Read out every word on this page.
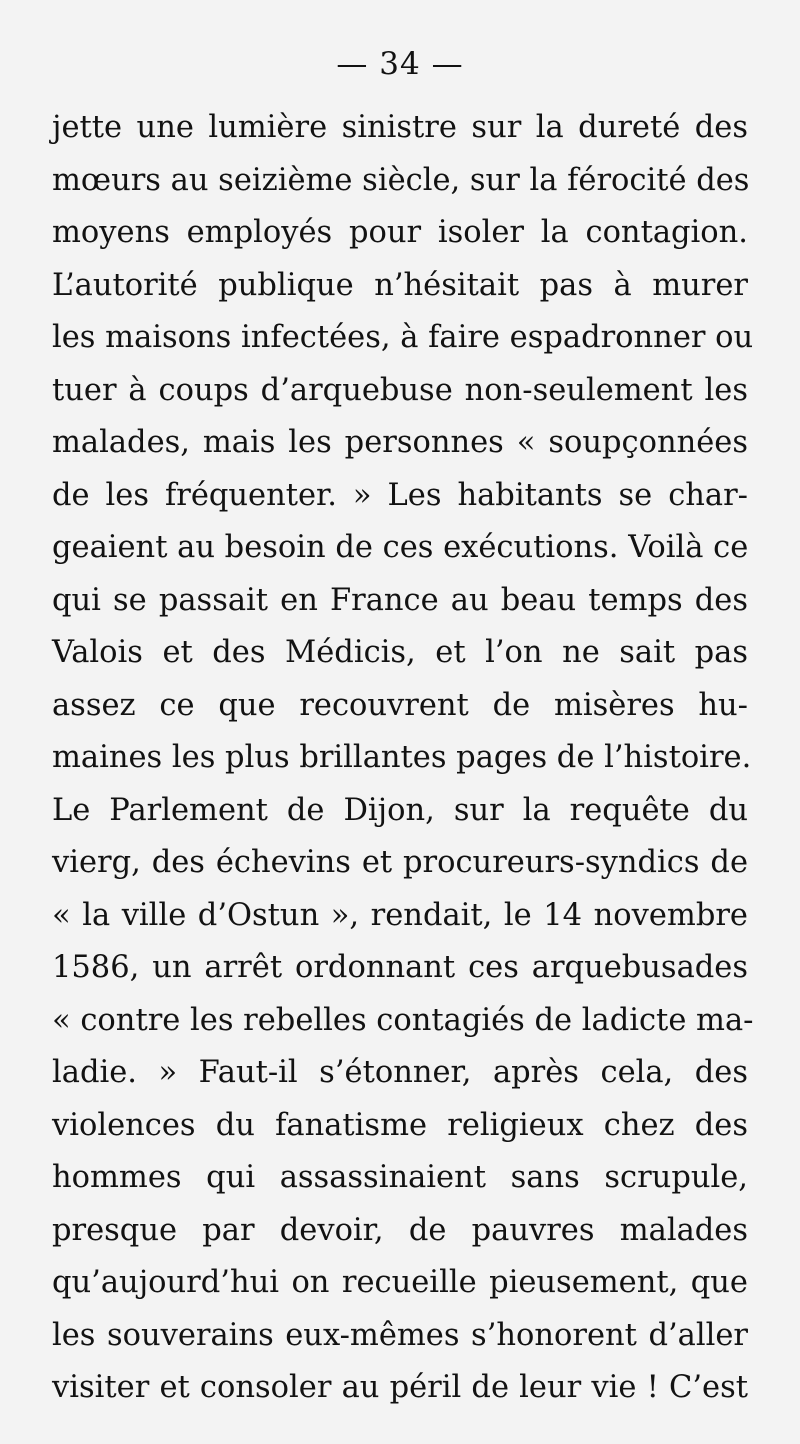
— 34 —
jette une lumière sinistre sur la dureté des
mœurs au seizième siècle, sur la férocité des
moyens employés pour isoler la contagion.
L’autorité publique n’hésitait pas à murer
les maisons infectées, à faire espadronner ou
tuer à coups d’arquebuse non-seulement les
malades, mais les personnes « soupçonnées
de les fréquenter. » Les habitants se char-
geaient au besoin de ces exécutions. Voilà ce
qui se passait en France au beau temps des
Valois et des Médicis, et l’on ne sait pas
assez ce que recouvrent de misères hu-
maines les plus brillantes pages de l’histoire.
Le Parlement de Dijon, sur la requête du
vierg, des échevins et procureurs-syndics de
« la ville d’Ostun », rendait, le 14 novembre
1586, un arrêt ordonnant ces arquebusades
« contre les rebelles contagiés de ladicte ma-
ladie. » Faut-il s’étonner, après cela, des
violences du fanatisme religieux chez des
hommes qui assassinaient sans scrupule,
presque par devoir, de pauvres malades
qu’aujourd’hui on recueille pieusement, que
les souverains eux-mêmes s’honorent d’aller
visiter et consoler au péril de leur vie ! C’est
